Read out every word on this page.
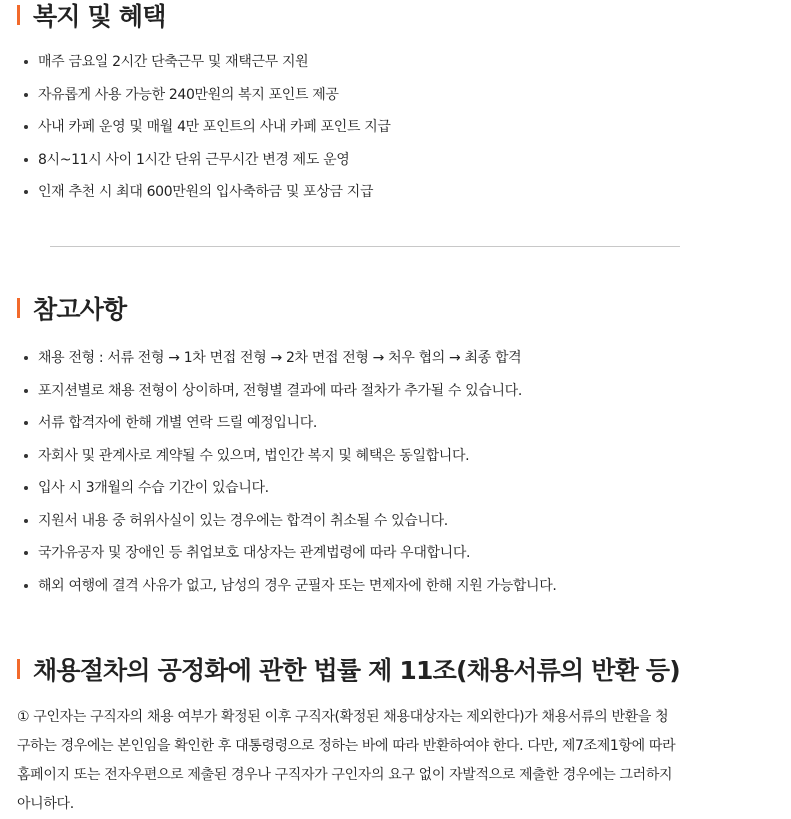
복지 및 혜택
매주 금요일 2시간 단축근무 및 재택근무 지원
자유롭게 사용 가능한 240만원의 복지 포인트 제공
사내 카페 운영 및 매월 4만 포인트의 사내 카페 포인트 지급
8시~11시 사이 1시간 단위 근무시간 변경 제도 운영
인재 추천 시 최대 600만원의 입사축하금 및 포상금 지급
참고사항
채용 전형 : 서류 전형 → 1차 면접 전형 → 2차 면접 전형 → 처우 협의 → 최종 합격
포지션별로 채용 전형이 상이하며, 전형별 결과에 따라 절차가 추가될 수 있습니다.
서류 합격자에 한해 개별 연락 드릴 예정입니다.
자회사 및 관계사로 계약될 수 있으며, 법인간 복지 및 혜택은 동일합니다.
입사 시 3개월의 수습 기간이 있습니다.
지원서 내용 중 허위사실이 있는 경우에는 합격이 취소될 수 있습니다.
국가유공자 및 장애인 등 취업보호 대상자는 관계법령에 따라 우대합니다.
해외 여행에 결격 사유가 없고, 남성의 경우 군필자 또는 면제자에 한해 지원 가능합니다.
채용절차의 공정화에 관한 법률 제 11조(채용서류의 반환 등)

① 구인자는 구직자의 채용 여부가 확정된 이후 구직자(확정된 채용대상자는 제외한다)가 채용서류의 반환을 청
구하는 경우에는 본인임을 확인한 후 대통령령으로 정하는 바에 따라 반환하여야 한다. 다만, 제7조제1항에 따라
홈페이지 또는 전자우편으로 제출된 경우나 구직자가 구인자의 요구 없이 자발적으로 제출한 경우에는 그러하지
아니하다.
